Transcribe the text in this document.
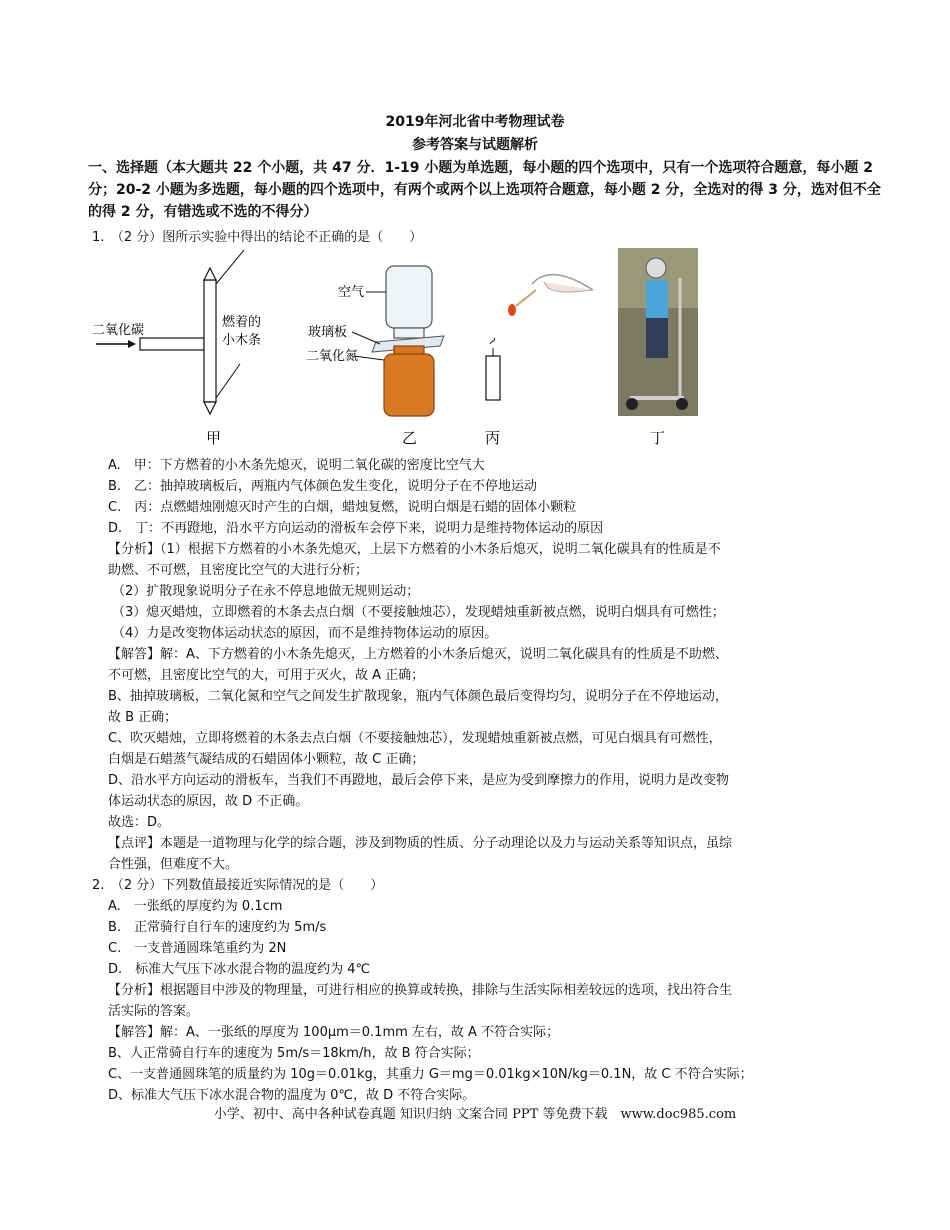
2019年河北省中考物理试卷
参考答案与试题解析
一、选择题（本大题共 22 个小题，共 47 分．1-19 小题为单选题，每小题的四个选项中，只有一个选项符合题意，每小题 2 分；20-2 小题为多选题，每小题的四个选项中，有两个或两个以上选项符合题意，每小题 2 分，全选对的得 3 分，选对但不全的得 2 分，有错选或不选的不得分）
1.　（2 分）图所示实验中得出的结论不正确的是（　　）
二氧化碳
燃着的
小木条
甲
空气
玻璃板
二氧化氮
乙	丙	丁
A.　甲：下方燃着的小木条先熄灭，说明二氧化碳的密度比空气大
B.　乙：抽掉玻璃板后，两瓶内气体颜色发生变化，说明分子在不停地运动
C.　丙：点燃蜡烛刚熄灭时产生的白烟，蜡烛复燃，说明白烟是石蜡的固体小颗粒
D.　丁：不再蹬地，沿水平方向运动的滑板车会停下来，说明力是维持物体运动的原因
【分析】（1）根据下方燃着的小木条先熄灭，上层下方燃着的小木条后熄灭，说明二氧化碳具有的性质是不
助燃、不可燃，且密度比空气的大进行分析；
（2）扩散现象说明分子在永不停息地做无规则运动；
（3）熄灭蜡烛，立即燃着的木条去点白烟（不要接触烛芯），发现蜡烛重新被点燃，说明白烟具有可燃性；
（4）力是改变物体运动状态的原因，而不是维持物体运动的原因。
【解答】解：A、下方燃着的小木条先熄灭，上方燃着的小木条后熄灭，说明二氧化碳具有的性质是不助燃、
不可燃，且密度比空气的大，可用于灭火，故 A 正确；
B、抽掉玻璃板，二氧化氮和空气之间发生扩散现象，瓶内气体颜色最后变得均匀，说明分子在不停地运动，
故 B 正确；
C、吹灭蜡烛，立即将燃着的木条去点白烟（不要接触烛芯），发现蜡烛重新被点燃，可见白烟具有可燃性，
白烟是石蜡蒸气凝结成的石蜡固体小颗粒，故 C 正确；
D、沿水平方向运动的滑板车，当我们不再蹬地，最后会停下来，是应为受到摩擦力的作用，说明力是改变物
体运动状态的原因，故 D 不正确。
故选：D。
【点评】本题是一道物理与化学的综合题，涉及到物质的性质、分子动理论以及力与运动关系等知识点，虽综
合性强，但难度不大。
2.　（2 分）下列数值最接近实际情况的是（　　）
A.　一张纸的厚度约为 0.1cm
B.　正常骑行自行车的速度约为 5m/s
C.　一支普通圆珠笔重约为 2N
D.　标准大气压下冰水混合物的温度约为 4℃
【分析】根据题目中涉及的物理量，可进行相应的换算或转换，排除与生活实际相差较远的选项，找出符合生
活实际的答案。
【解答】解：A、一张纸的厚度为 100μm＝0.1mm 左右，故 A 不符合实际；
B、人正常骑自行车的速度为 5m/s＝18km/h，故 B 符合实际；
C、一支普通圆珠笔的质量约为 10g＝0.01kg，其重力 G＝mg＝0.01kg×10N/kg＝0.1N，故 C 不符合实际；
D、标准大气压下冰水混合物的温度为 0℃，故 D 不符合实际。
小学、初中、高中各种试卷真题 知识归纳 文案合同 PPT 等免费下载　www.doc985.com
